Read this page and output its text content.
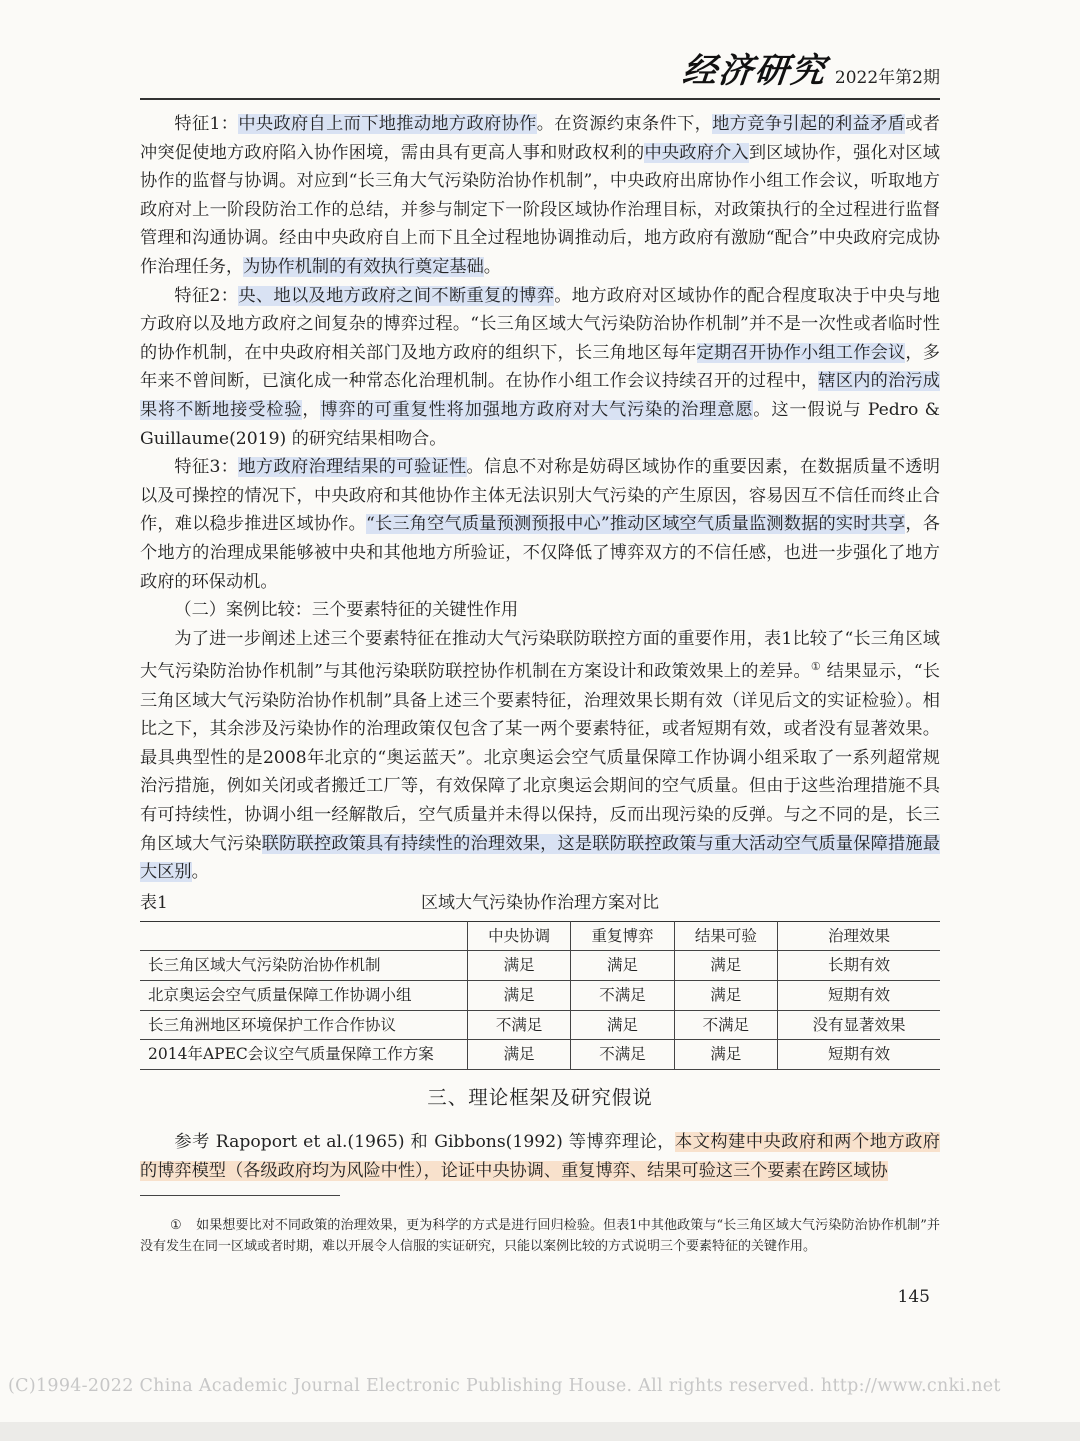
经济研究 2022年第2期

特征1：中央政府自上而下地推动地方政府协作。在资源约束条件下，地方竞争引起的利益矛盾或者冲突促使地方政府陷入协作困境，需由具有更高人事和财政权利的中央政府介入到区域协作，强化对区域协作的监督与协调。对应到“长三角大气污染防治协作机制”，中央政府出席协作小组工作会议，听取地方政府对上一阶段防治工作的总结，并参与制定下一阶段区域协作治理目标，对政策执行的全过程进行监督管理和沟通协调。经由中央政府自上而下且全过程地协调推动后，地方政府有激励“配合”中央政府完成协作治理任务，为协作机制的有效执行奠定基础。

特征2：央、地以及地方政府之间不断重复的博弈。地方政府对区域协作的配合程度取决于中央与地方政府以及地方政府之间复杂的博弈过程。“长三角区域大气污染防治协作机制”并不是一次性或者临时性的协作机制，在中央政府相关部门及地方政府的组织下，长三角地区每年定期召开协作小组工作会议，多年来不曾间断，已演化成一种常态化治理机制。在协作小组工作会议持续召开的过程中，辖区内的治污成果将不断地接受检验，博弈的可重复性将加强地方政府对大气污染的治理意愿。这一假说与 Pedro & Guillaume(2019) 的研究结果相吻合。

特征3：地方政府治理结果的可验证性。信息不对称是妨碍区域协作的重要因素，在数据质量不透明以及可操控的情况下，中央政府和其他协作主体无法识别大气污染的产生原因，容易因互不信任而终止合作，难以稳步推进区域协作。“长三角空气质量预测预报中心”推动区域空气质量监测数据的实时共享，各个地方的治理成果能够被中央和其他地方所验证，不仅降低了博弈双方的不信任感，也进一步强化了地方政府的环保动机。

（二）案例比较：三个要素特征的关键性作用

为了进一步阐述上述三个要素特征在推动大气污染联防联控方面的重要作用，表1比较了“长三角区域大气污染防治协作机制”与其他污染联防联控协作机制在方案设计和政策效果上的差异。① 结果显示，“长三角区域大气污染防治协作机制”具备上述三个要素特征，治理效果长期有效（详见后文的实证检验）。相比之下，其余涉及污染协作的治理政策仅包含了某一两个要素特征，或者短期有效，或者没有显著效果。最具典型性的是2008年北京的“奥运蓝天”。北京奥运会空气质量保障工作协调小组采取了一系列超常规治污措施，例如关闭或者搬迁工厂等，有效保障了北京奥运会期间的空气质量。但由于这些治理措施不具有可持续性，协调小组一经解散后，空气质量并未得以保持，反而出现污染的反弹。与之不同的是，长三角区域大气污染联防联控政策具有持续性的治理效果，这是联防联控政策与重大活动空气质量保障措施最大区别。

表1	区域大气污染协作治理方案对比
	中央协调	重复博弈	结果可验	治理效果
长三角区域大气污染防治协作机制	满足	满足	满足	长期有效
北京奥运会空气质量保障工作协调小组	满足	不满足	满足	短期有效
长三角洲地区环境保护工作合作协议	不满足	满足	不满足	没有显著效果
2014年APEC会议空气质量保障工作方案	满足	不满足	满足	短期有效
三、理论框架及研究假说

参考 Rapoport et al.(1965) 和 Gibbons(1992) 等博弈理论，本文构建中央政府和两个地方政府的博弈模型（各级政府均为风险中性），论证中央协调、重复博弈、结果可验这三个要素在跨区域协

① 如果想要比对不同政策的治理效果，更为科学的方式是进行回归检验。但表1中其他政策与“长三角区域大气污染防治协作机制”并没有发生在同一区域或者时期，难以开展令人信服的实证研究，只能以案例比较的方式说明三个要素特征的关键作用。
145
(C)1994-2022 China Academic Journal Electronic Publishing House. All rights reserved. http://www.cnki.net
